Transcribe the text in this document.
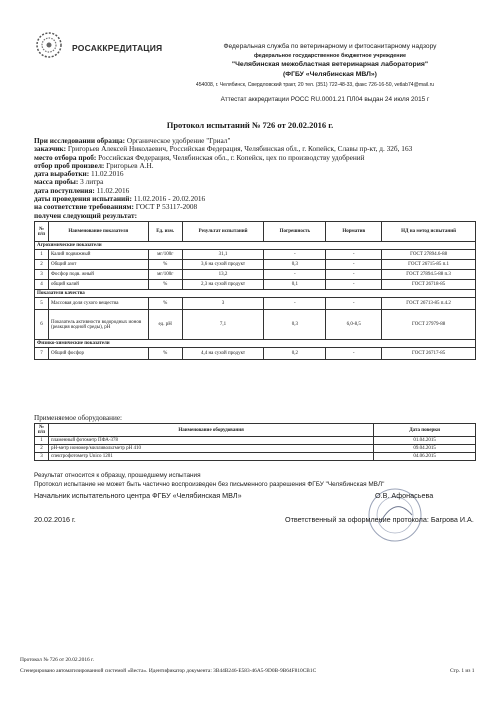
РОСАККРЕДИТАЦИЯ	Федеральная служба по ветеринарному и фитосанитарному надзору
федеральное государственное бюджетное учреждение
"Челябинская межобластная ветеринарная лаборатория"
(ФГБУ «Челябинская МВЛ»)
454008, г. Челябинск, Свердловский тракт, 20 тел. (351) 722-48-33, факс 726-16-50, vetlab74@mail.ru
Аттестат аккредитации РОСС RU.0001.21 ПЛ04 выдан 24 июля 2015 г
Протокол испытаний № 726 от 20.02.2016 г.
При исследовании образца: Органическое удобрение "Гриал"
заказчик: Григорьев Алексей Николаевич, Российская Федерация, Челябинская обл., г. Копейск, Славы пр-кт, д. 32б, 163
место отбора проб: Российская Федерация, Челябинская обл., г. Копейск, цех по производству удобрений
отбор проб произвел: Григорьев А.Н.
дата выработки: 11.02.2016
масса пробы: 3 литра
дата поступления: 11.02.2016
даты проведения испытаний: 11.02.2016 - 20.02.2016
на соответствие требованиям: ГОСТ Р 53117-2008
получен следующий результат:
№ п/п	Наименование показателя	Ед. изм.	Результат испытаний	Погрешность	Норматив	НД на метод испытаний
Агрохимические показатели						
1	Калий подвижный	мг/100г	31,1	-	-	ГОСТ 27894.6-88
2	Общий азот	%	3,6 на сухой продукт	0,3	-	ГОСТ 26715-85 п.1
3	Фосфор подв. жный	мг/100г	13,2	-	-	ГОСТ 27894.5-88 п.3
4	общий калий	%	2,3 на сухой продукт	0,1	-	ГОСТ 26718-85
Показатели качества						
5	Массовая доля сухого вещества	%	3	-	-	ГОСТ 26713-85 п.4.2
6	Показатель активности водородных ионов (реакция водной среды), рН	ед. рН	7,1	0,3	6,0-8,5	ГОСТ 27979-88
Физико-химические показатели						
7	Общий фосфор	%	4,4 на сухой продукт	0,2	-	ГОСТ 26717-85
Применяемое оборудование:
№ п/п	Наименование оборудования	Дата поверки
1	пламенный фотометр ПФА-378	01.04.2015
2	pH-метр иономер/милливольтметр pH 410	09.04.2015
3	спектрофотометр Unico 1201	04.06.2015
Результат относится к образцу, прошедшему испытания
Протокол испытание не может быть частично воспроизведен без письменного разрешения ФГБУ "Челябинская МВЛ"
Начальник испытательного центра ФГБУ «Челябинская МВЛ»	О.В. Афонасьева
20.02.2016 г.	Ответственный за оформление протокола: Багрова И.А.
Протокол № 726 от 20.02.2016 г.
Сгенерировано автоматизированной системой «Веста». Идентификатор документа: 3B44B246-E583-46A5-9D0B-9B64F810CB1C	Стр. 1 из 1
